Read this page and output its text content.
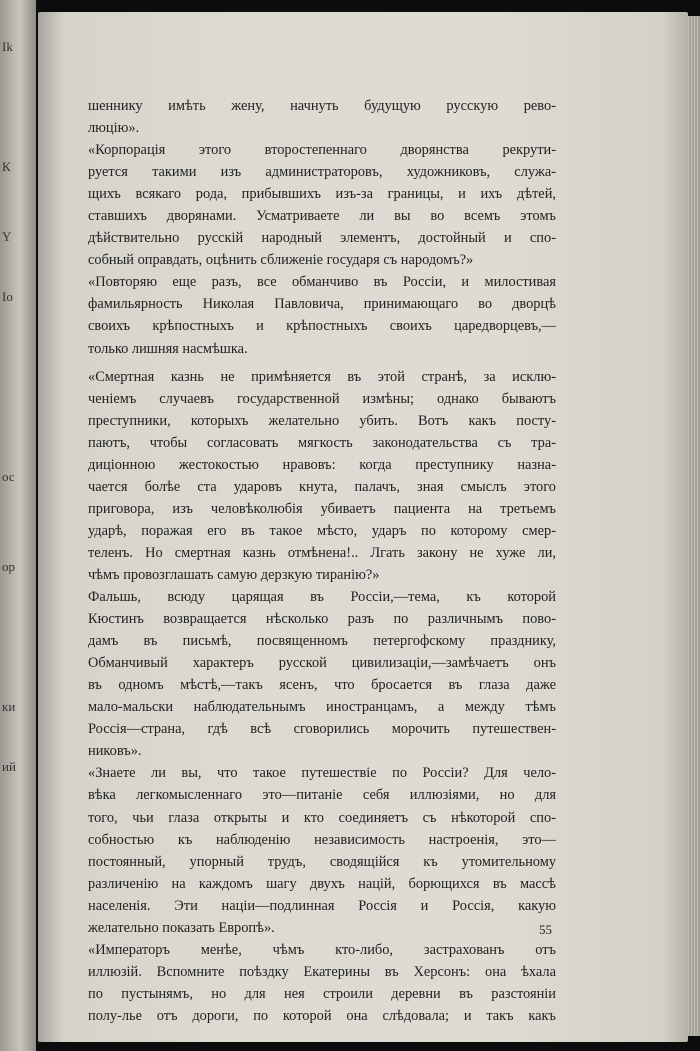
Ik
К
Y
Io
ос
ор
ки
ий
шеннику имѣть жену, начнуть будущую русскую рево-
люцію».
«Корпорація этого второстепеннаго дворянства рекрути-
руется такими изъ администраторовъ, художниковъ, служа-
щихъ всякаго рода, прибывшихъ изъ-за границы, и ихъ дѣтей,
ставшихъ дворянами. Усматриваете ли вы во всемъ этомъ
дѣйствительно русскій народный элементъ, достойный и спо-
собный оправдать, оцѣнить сближеніе государя съ народомъ?»
«Повторяю еще разъ, все обманчиво въ Россіи, и милостивая
фамильярность Николая Павловича, принимающаго во дворцѣ
своихъ крѣпостныхъ и крѣпостныхъ своихъ царедворцевъ,—
только лишняя насмѣшка.
«Смертная казнь не примѣняется въ этой странѣ, за исклю-
ченіемъ случаевъ государственной измѣны; однако бываютъ
преступники, которыхъ желательно убить. Вотъ какъ посту-
паютъ, чтобы согласовать мягкость законодательства съ тра-
диціонною жестокостью нравовъ: когда преступнику назна-
чается болѣе ста ударовъ кнута, палачъ, зная смыслъ этого
приговора, изъ человѣколюбія убиваетъ пациента на третьемъ
ударѣ, поражая его въ такое мѣсто, ударъ по которому смер-
теленъ. Но смертная казнь отмѣнена!.. Лгать закону не хуже ли,
чѣмъ провозглашать самую дерзкую тиранію?»
Фальшь, всюду царящая въ Россіи,—тема, къ которой
Кюстинъ возвращается нѣсколько разъ по различнымъ пово-
дамъ въ письмѣ, посвященномъ петергофскому празднику,
Обманчивый характеръ русской цивилизаціи,—замѣчаетъ онъ
въ одномъ мѣстѣ,—такъ ясенъ, что бросается въ глаза даже
мало-мальски наблюдательнымъ иностранцамъ, а между тѣмъ
Россія—страна, гдѣ всѣ сговорились морочить путешествен-
никовъ».
«Знаете ли вы, что такое путешествіе по Россіи? Для чело-
вѣка легкомысленнаго это—питаніе себя иллюзіями, но для
того, чьи глаза открыты и кто соединяетъ съ нѣкоторой спо-
собностью къ наблюденію независимость настроенія, это—
постоянный, упорный трудъ, сводящійся къ утомительному
различенію на каждомъ шагу двухъ націй, борющихся въ массѣ
населенія. Эти націи—подлинная Россія и Россія, какую
желательно показать Европѣ».
«Императоръ менѣе, чѣмъ кто-либо, застрахованъ отъ
иллюзій. Вспомните поѣздку Екатерины въ Херсонъ: она ѣхала
по пустынямъ, но для нея строили деревни въ разстояніи
полу-лье отъ дороги, по которой она слѣдовала; и такъ какъ
55
